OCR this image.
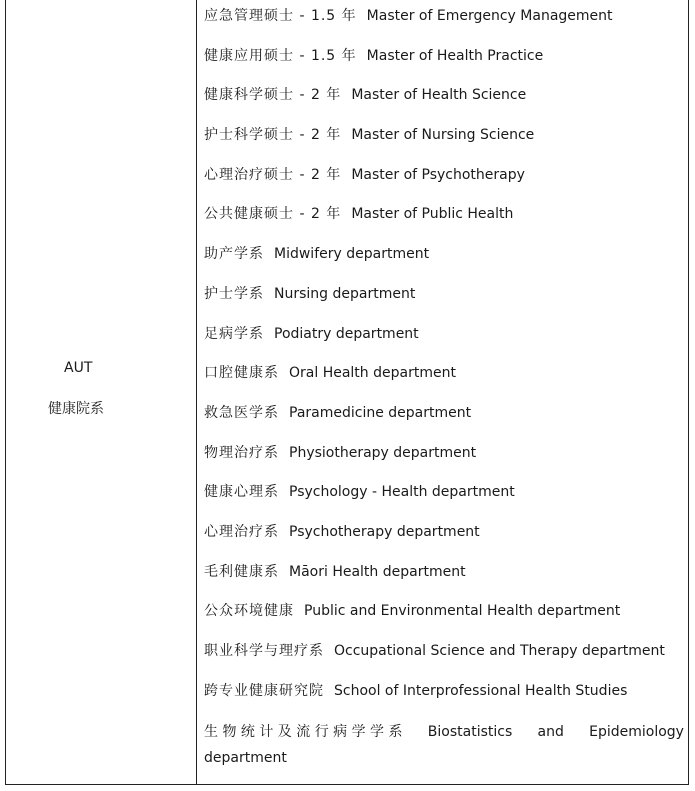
AUT
健康院系
应急管理硕士 - 1.5 年 Master of Emergency Management
健康应用硕士 - 1.5 年 Master of Health Practice
健康科学硕士 - 2 年 Master of Health Science
护士科学硕士 - 2 年 Master of Nursing Science
心理治疗硕士 - 2 年 Master of Psychotherapy
公共健康硕士 - 2 年 Master of Public Health
助产学系 Midwifery department
护士学系 Nursing department
足病学系 Podiatry department
口腔健康系 Oral Health department
救急医学系 Paramedicine department
物理治疗系 Physiotherapy department
健康心理系 Psychology - Health department
心理治疗系 Psychotherapy department
毛利健康系 Māori Health department
公众环境健康 Public and Environmental Health department
职业科学与理疗系 Occupational Science and Therapy department
跨专业健康研究院 School of Interprofessional Health Studies
生 物 统 计 及 流 行 病 学 学 系 Biostatistics and Epidemiology
department
